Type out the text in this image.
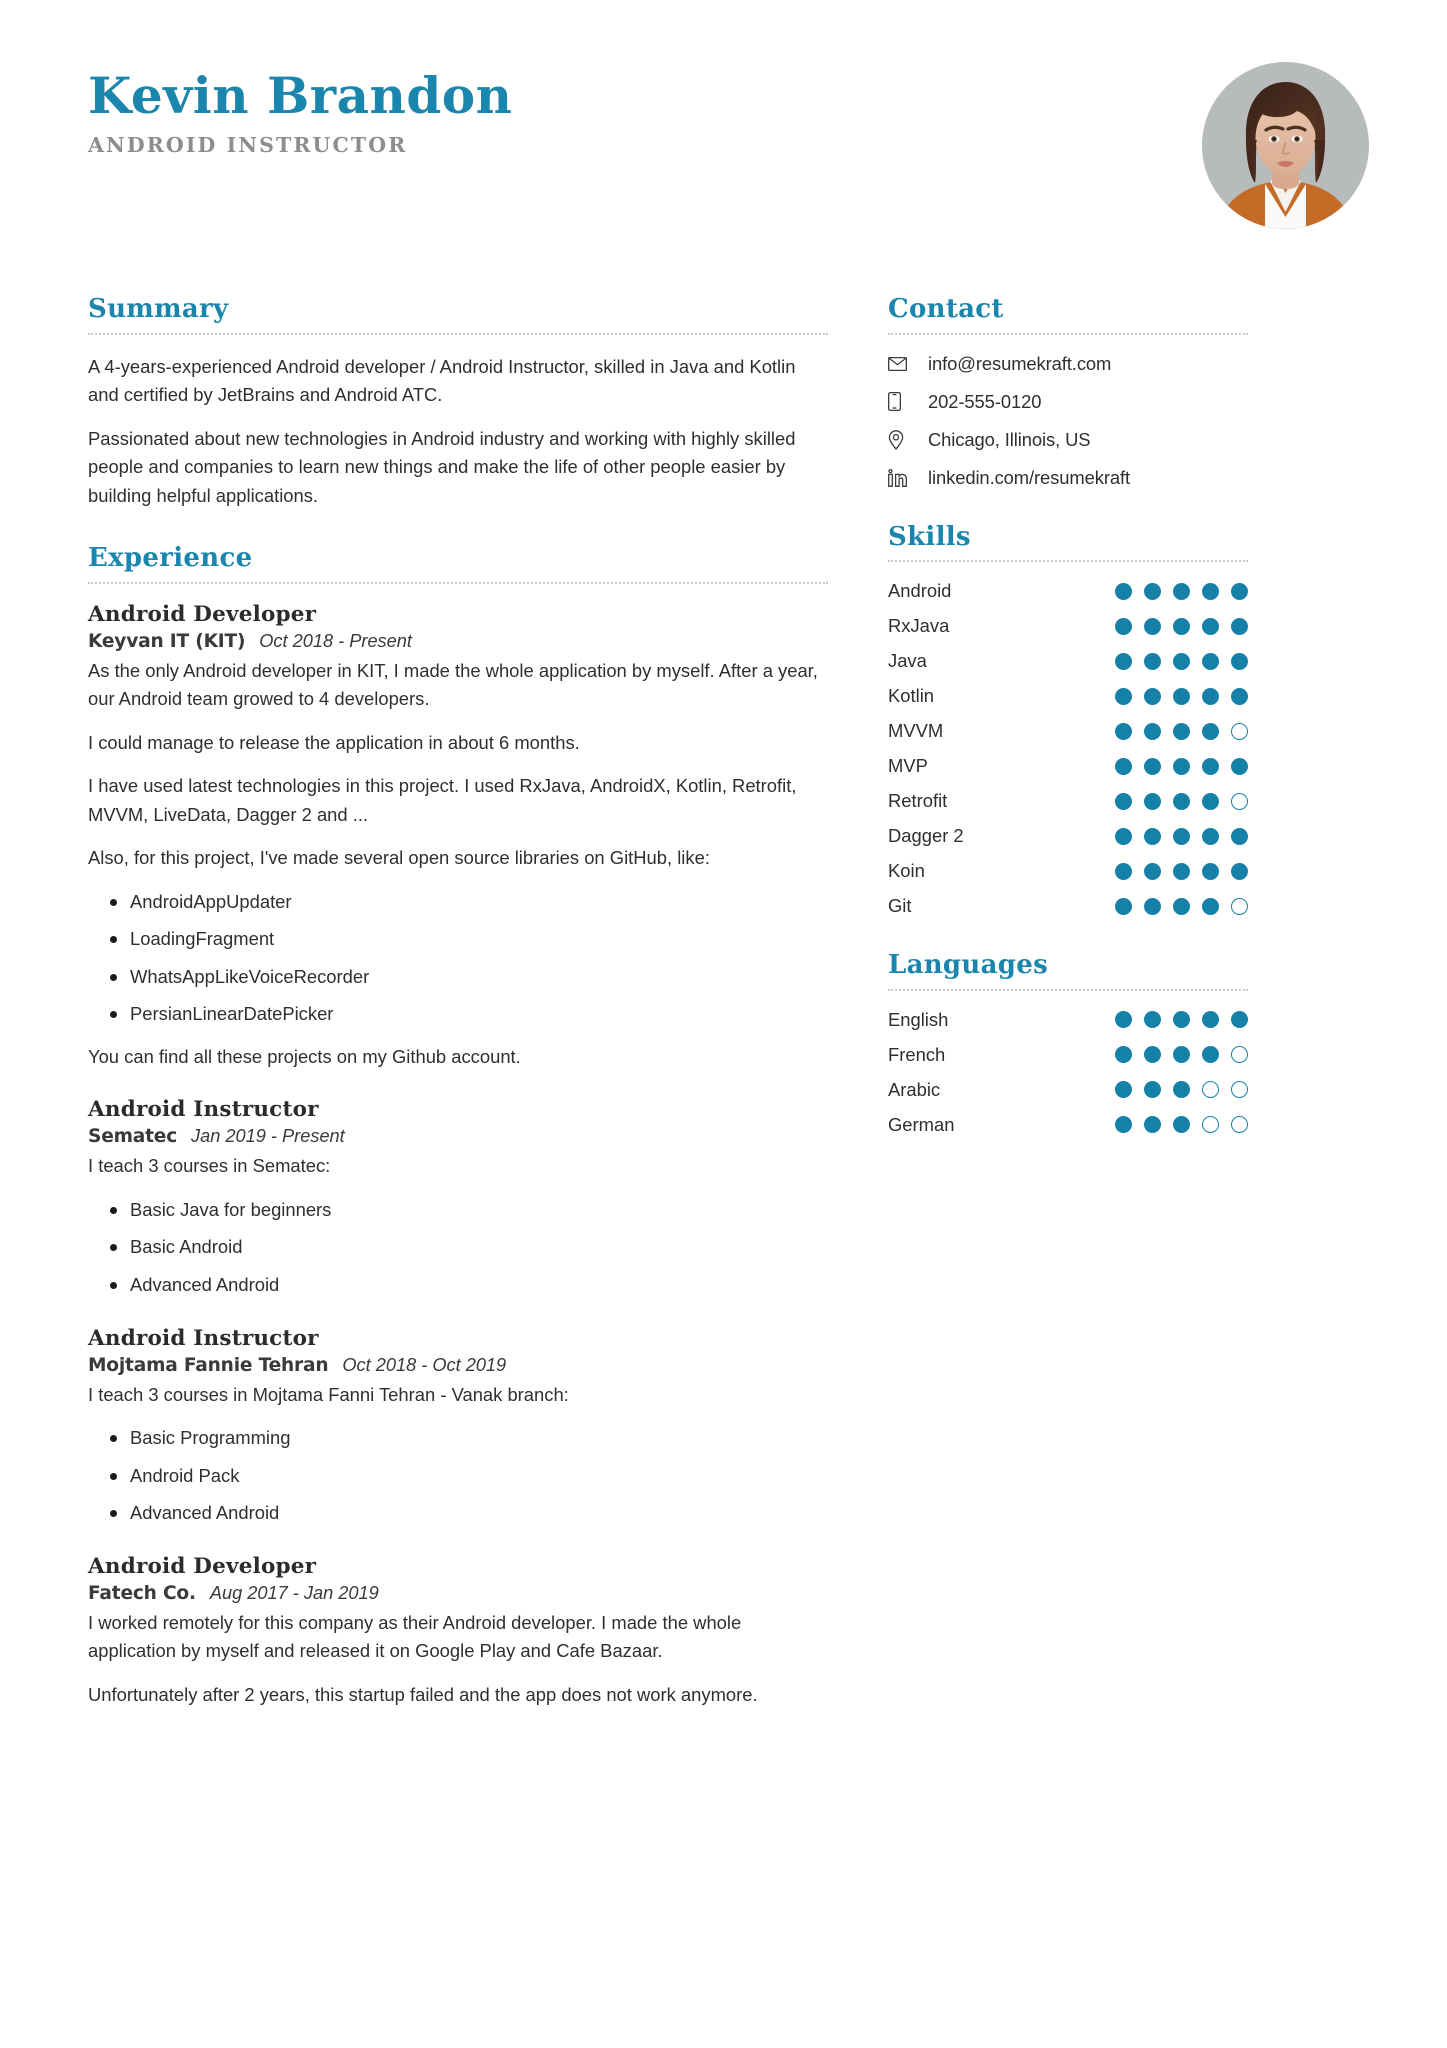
Kevin Brandon
ANDROID INSTRUCTOR
Summary

A 4-years-experienced Android developer / Android Instructor, skilled in Java and Kotlin and certified by JetBrains and Android ATC.

Passionated about new technologies in Android industry and working with highly skilled people and companies to learn new things and make the life of other people easier by building helpful applications.

Experience
Android Developer
Keyvan IT (KIT) Oct 2018 - Present

As the only Android developer in KIT, I made the whole application by myself. After a year, our Android team growed to 4 developers.

I could manage to release the application in about 6 months.

I have used latest technologies in this project. I used RxJava, AndroidX, Kotlin, Retrofit, MVVM, LiveData, Dagger 2 and ...

Also, for this project, I've made several open source libraries on GitHub, like:

AndroidAppUpdater
LoadingFragment
WhatsAppLikeVoiceRecorder
PersianLinearDatePicker

You can find all these projects on my Github account.

Android Instructor
Sematec Jan 2019 - Present

I teach 3 courses in Sematec:

Basic Java for beginners
Basic Android
Advanced Android
Android Instructor
Mojtama Fannie Tehran Oct 2018 - Oct 2019

I teach 3 courses in Mojtama Fanni Tehran - Vanak branch:

Basic Programming
Android Pack
Advanced Android
Android Developer
Fatech Co. Aug 2017 - Jan 2019

I worked remotely for this company as their Android developer. I made the whole application by myself and released it on Google Play and Cafe Bazaar.

Unfortunately after 2 years, this startup failed and the app does not work anymore.

Contact
info@resumekraft.com
202-555-0120
Chicago, Illinois, US
linkedin.com/resumekraft
Skills
Android
RxJava
Java
Kotlin
MVVM
MVP
Retrofit
Dagger 2
Koin
Git
Languages
English
French
Arabic
German
